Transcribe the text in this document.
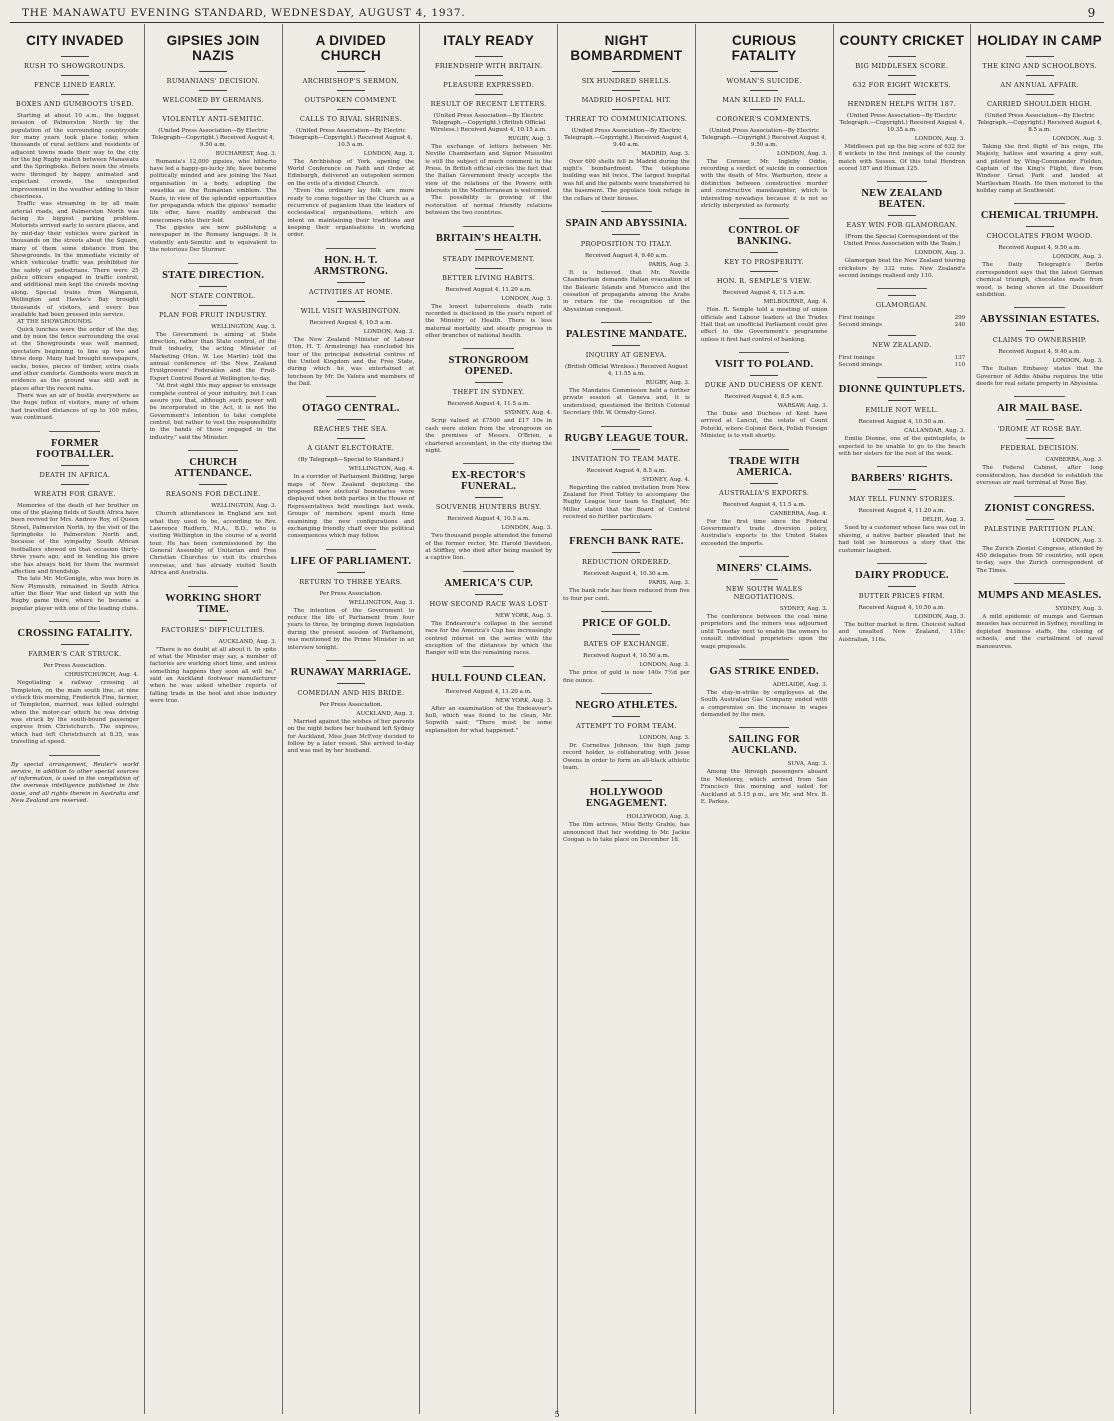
THE MANAWATU EVENING STANDARD, WEDNESDAY, AUGUST 4, 1937.	9
CITY INVADED
RUSH TO SHOWGROUNDS.
FENCE LINED EARLY.
BOXES AND GUMBOOTS USED.

Starting at about 10 a.m., the biggest invasion of Palmerston North by the population of the surrounding countryside for many years took place today, when thousands of rural settlers and residents of adjacent towns made their way to the city for the big Rugby match between Manawatu and the Springboks. Before noon the streets were thronged by happy, animated and expectant crowds, the unexpected improvement in the weather adding to their cheeriness.

Traffic was streaming in by all main arterial roads, and Palmerston North was facing its biggest parking problem. Motorists arrived early to secure places, and by mid-day their vehicles were parked in thousands on the streets about the Square, many of them some distance from the Showgrounds. In the immediate vicinity of which vehicular traffic was prohibited for the safety of pedestrians. There were 25 police officers engaged in traffic control, and additional men kept the crowds moving along. Special trains from Wanganui, Wellington and Hawke's Bay brought thousands of visitors, and every bus available had been pressed into service.

AT THE SHOWGROUNDS.

Quick lunches were the order of the day, and by noon the fence surrounding the oval at the Showgrounds was well manned, spectators beginning to line up two and three deep. Many had brought newspapers, sacks, boxes, pieces of timber, extra coats and other comforts. Gumboots were much in evidence as the ground was still soft in places after the recent rains.

There was an air of bustle everywhere as the huge influx of visitors, many of whom had travelled distances of up to 100 miles, was continued.

FORMER FOOTBALLER.
DEATH IN AFRICA.
WREATH FOR GRAVE.

Memories of the death of her brother on one of the playing fields of South Africa have been revived for Mrs. Andrew Roy, of Queen Street, Palmerston North, by the visit of the Springboks to Palmerston North and, because of the sympathy South African footballers showed on that occasion thirty-three years ago, and in tending his grave she has always held for them the warmest affection and friendship.

The late Mr. McGonigle, who was born in New Plymouth, remained in South Africa after the Boer War and linked up with the Rugby game there, where he became a popular player with one of the leading clubs.

CROSSING FATALITY.
FARMER'S CAR STRUCK.
Per Press Association.
CHRISTCHURCH, Aug. 4.

Negotiating a railway crossing at Templeton, on the main south line, at nine o'clock this morning, Frederick Fine, farmer, of Templeton, married, was killed outright when the motor-car which he was driving was struck by the south-bound passenger express from Christchurch. The express, which had left Christchurch at 8.35, was travelling at speed.

By special arrangement, Reuter's world service, in addition to other special sources of information, is used in the compilation of the overseas intelligence published in this issue, and all rights therein in Australia and New Zealand are reserved.
GIPSIES JOIN NAZIS
RUMANIANS' DECISION.
WELCOMED BY GERMANS.
VIOLENTLY ANTI-SEMITIC.
(United Press Association—By Electric Telegraph—Copyright.) Received August 4, 9.50 a.m.
BUCHAREST, Aug. 3.

Rumania's 12,000 gipsies, who hitherto have led a happy-go-lucky life, have become politically minded and are joining the Nazi organisation in a body, adopting the swastika as the Rumanian emblem. The Nazis, in view of the splendid opportunities for propaganda which the gipsies' nomadic life offer, have readily embraced the newcomers into their fold.

The gipsies are now publishing a newspaper in the Romany language. It is violently anti-Semitic and is equivalent to the notorious Der Sturmer.

STATE DIRECTION.
NOT STATE CONTROL.
PLAN FOR FRUIT INDUSTRY.
WELLINGTON, Aug. 3.

The Government is aiming at State direction, rather than State control, of the fruit industry, the acting Minister of Marketing (Hon. W. Lee Martin) told the annual conference of the New Zealand Fruitgrowers' Federation and the Fruit-Export Control Board at Wellington to-day.

"At first sight this may appear to envisage complete control of your industry, but I can assure you that, although such power will be incorporated in the Act, it is not the Government's intention to take complete control, but rather to vest the responsibility in the hands of those engaged in the industry," said the Minister.

CHURCH ATTENDANCE.
REASONS FOR DECLINE.
WELLINGTON, Aug. 3.

Church attendances in England are not what they used to be, according to Rev. Lawrence Redfern, M.A., B.D., who is visiting Wellington in the course of a world tour. He has been commissioned by the General Assembly of Unitarian and Free Christian Churches to visit its churches overseas, and has already visited South Africa and Australia.

WORKING SHORT TIME.
FACTORIES' DIFFICULTIES.
AUCKLAND, Aug. 3.

"There is no doubt at all about it. In spite of what the Minister may say, a number of factories are working short time, and unless something happens they soon all will be," said an Auckland footwear manufacturer when he was asked whether reports of falling trade in the boot and shoe industry were true.

A DIVIDED CHURCH
ARCHBISHOP'S SERMON.
OUTSPOKEN COMMENT.
CALLS TO RIVAL SHRINES.
(United Press Association—By Electric Telegraph—Copyright.) Received August 4, 10.5 a.m.
LONDON, Aug. 3.

The Archbishop of York, opening the World Conference on Faith and Order at Edinburgh, delivered an outspoken sermon on the evils of a divided Church.

"Even the ordinary lay folk are more ready to come together in the Church as a recurrence of paganism than the leaders of ecclesiastical organisations, which are intent on maintaining their traditions and keeping their organisations in working order.

HON. H. T. ARMSTRONG.
ACTIVITIES AT HOME.
WILL VISIT WASHINGTON.
Received August 4, 10.5 a.m.
LONDON, Aug. 3.

The New Zealand Minister of Labour (Hon. H. T. Armstrong) has concluded his tour of the principal industrial centres of the United Kingdom and the Free State, during which he was entertained at luncheon by Mr. De Valera and members of the Dail.

OTAGO CENTRAL.
REACHES THE SEA.
A GIANT ELECTORATE.
(By Telegraph—Special to Standard.)
WELLINGTON, Aug. 4.

In a corridor of Parliament Building, large maps of New Zealand depicting the proposed new electoral boundaries were displayed when both parties in the House of Representatives held meetings last week. Groups of members spent much time examining the new configurations and exchanging friendly chaff over the political consequences which may follow.

LIFE OF PARLIAMENT.
RETURN TO THREE YEARS.
Per Press Association.
WELLINGTON, Aug. 3.

The intention of the Government to reduce the life of Parliament from four years to three, by bringing down legislation during the present session of Parliament, was mentioned by the Prime Minister in an interview tonight.

RUNAWAY MARRIAGE.
COMEDIAN AND HIS BRIDE.
Per Press Association.
AUCKLAND, Aug. 3.

Married against the wishes of her parents on the night before her husband left Sydney for Auckland, Miss Joan McEvoy decided to follow by a later vessel. She arrived to-day and was met by her husband.

ITALY READY
FRIENDSHIP WITH BRITAIN.
PLEASURE EXPRESSED.
RESULT OF RECENT LETTERS.
(United Press Association—By Electric Telegraph.—Copyright.) (British Official Wireless.) Received August 4, 10.15 a.m.
RUGBY, Aug. 3.

The exchange of letters between Mr. Neville Chamberlain and Signor Mussolini is still the subject of much comment in the Press. In British official circles the fact that the Italian Government freely accepts the view of the relations of the Powers with interests in the Mediterranean is welcomed.

The possibility is growing of the restoration of normal friendly relations between the two countries.

BRITAIN'S HEALTH.
STEADY IMPROVEMENT.
BETTER LIVING HABITS.
Received August 4, 11.20 a.m.
LONDON, Aug. 3.

The lowest tuberculosis death rate recorded is disclosed in the year's report of the Ministry of Health. There is less maternal mortality and steady progress in other branches of national health.

STRONGROOM OPENED.
THEFT IN SYDNEY.
Received August 4, 11.5 a.m.
SYDNEY, Aug. 4.

Scrip valued at £7500 and £17 10s in cash were stolen from the strongroom on the premises of Messrs. O'Brien, a chartered accountant, in the city during the night.

EX-RECTOR'S FUNERAL.
SOUVENIR HUNTERS BUSY.
Received August 4, 10.5 a.m.
LONDON, Aug. 3.

Two thousand people attended the funeral of the former rector, Mr. Harold Davidson, at Stiffkey, who died after being mauled by a captive lion.

AMERICA'S CUP.
HOW SECOND RACE WAS LOST
NEW YORK, Aug. 3.

The Endeavour's collapse in the second race for the America's Cup has increasingly centred interest on the series with the exception of the distances by which the Ranger will win the remaining races.

HULL FOUND CLEAN.
Received August 4, 11.20 a.m.
NEW YORK, Aug. 3.

After an examination of the Endeavour's hull, which was found to be clean, Mr. Sopwith said: "There must be some explanation for what happened."

NIGHT BOMBARDMENT
SIX HUNDRED SHELLS.
MADRID HOSPITAL HIT.
THREAT TO COMMUNICATIONS.
(United Press Association—By Electric Telegraph.—Copyright.) Received August 4, 9.40 a.m.
MADRID, Aug. 3.

Over 600 shells fell in Madrid during the night's bombardment. The telephone building was hit twice. The largest hospital was hit and the patients were transferred to the basement. The populace took refuge in the cellars of their houses.

SPAIN AND ABYSSINIA.
PROPOSITION TO ITALY.
Received August 4, 9.40 a.m.
PARIS, Aug. 3.

It is believed that Mr. Neville Chamberlain demands Italian evacuation of the Balearic Islands and Morocco and the cessation of propaganda among the Arabs in return for the recognition of the Abyssinian conquest.

PALESTINE MANDATE.
INQUIRY AT GENEVA.
(British Official Wireless.) Received August 4, 11.55 a.m.
RUGBY, Aug. 3.

The Mandates Commission held a further private session at Geneva and, it is understood, questioned the British Colonial Secretary (Mr. W. Ormsby-Gore).

RUGBY LEAGUE TOUR.
INVITATION TO TEAM MATE.
Received August 4, 8.5 a.m.
SYDNEY, Aug. 4.

Regarding the cabled invitation from New Zealand for Fred Tottey to accompany the Rugby League tour team to England, Mr. Miller stated that the Board of Control received no further particulars.

FRENCH BANK RATE.
REDUCTION ORDERED.
Received August 4, 10.30 a.m.
PARIS, Aug. 3.

The bank rate has been reduced from five to four per cent.

PRICE OF GOLD.
RATES OF EXCHANGE.
Received August 4, 10.50 a.m.
LONDON, Aug. 3.

The price of gold is now 140s 7½d per fine ounce.

NEGRO ATHLETES.
ATTEMPT TO FORM TEAM.
LONDON, Aug. 3.

Dr. Cornelius Johnson, the high jump record holder, is collaborating with Jesse Owens in order to form an all-black athletic team.

HOLLYWOOD ENGAGEMENT.
HOLLYWOOD, Aug. 3.

The film actress, Miss Betty Grable, has announced that her wedding to Mr. Jackie Coogan is to take place on December 18.

CURIOUS FATALITY
WOMAN'S SUICIDE.
MAN KILLED IN FALL.
CORONER'S COMMENTS.
(United Press Association—By Electric Telegraph.—Copyright.) Received August 4, 9.50 a.m.
LONDON, Aug. 3.

The Coroner, Mr. Ingleby Oddie, recording a verdict of suicide in connection with the death of Mrs. Warburton, drew a distinction between constructive murder and constructive manslaughter, which is interesting nowadays because it is not so strictly interpreted as formerly.

CONTROL OF BANKING.
KEY TO PROSPERITY.
HON. R. SEMPLE'S VIEW.
Received August 4, 11.5 a.m.
MELBOURNE, Aug. 4.

Hon. R. Semple told a meeting of union officials and Labour leaders at the Trades Hall that an unofficial Parliament could give effect to the Government's programme unless it first had control of banking.

VISIT TO POLAND.
DUKE AND DUCHESS OF KENT.
Received August 4, 8.5 a.m.
WARSAW, Aug. 3.

The Duke and Duchess of Kent have arrived at Lancut, the estate of Count Potocki, where Colonel Beck, Polish Foreign Minister, is to visit shortly.

TRADE WITH AMERICA.
AUSTRALIA'S EXPORTS.
Received August 4, 11.5 a.m.
CANBERRA, Aug. 4.

For the first time since the Federal Government's trade diversion policy, Australia's exports to the United States exceeded the imports.

MINERS' CLAIMS.
NEW SOUTH WALES NEGOTIATIONS.
SYDNEY, Aug. 3.

The conference between the coal mine proprietors and the miners was adjourned until Tuesday next to enable the owners to consult individual proprietors upon the wage proposals.

GAS STRIKE ENDED.
ADELAIDE, Aug. 3.

The stay-in-strike by employees at the South Australian Gas Company ended with a compromise on the increase in wages demanded by the men.

SAILING FOR AUCKLAND.
SUVA, Aug. 3.

Among the through passengers aboard the Monterey, which arrived from San Francisco this morning and sailed for Auckland at 5.15 p.m., are Mr. and Mrs. B. E. Parkes.

COUNTY CRICKET
BIG MIDDLESEX SCORE.
632 FOR EIGHT WICKETS.
HENDREN HELPS WITH 187.
(United Press Association—By Electric Telegraph.—Copyright.) Received August 4, 10.35 a.m.
LONDON, Aug. 3.

Middlesex put up the big score of 632 for 8 wickets in the first innings of the county match with Sussex. Of this total Hendren scored 187 and Human 125.

NEW ZEALAND BEATEN.
EASY WIN FOR GLAMORGAN.
(From the Special Correspondent of the United Press Association with the Team.)
LONDON, Aug. 3.

Glamorgan beat the New Zealand touring cricketers by 332 runs. New Zealand's second innings realised only 110.

GLAMORGAN.
First innings	299
Second innings	240
NEW ZEALAND.
First innings	137
Second innings	110
DIONNE QUINTUPLETS.
EMILIE NOT WELL.
Received August 4, 10.50 a.m.
CALLANDAR, Aug. 3.

Emilie Dionne, one of the quintuplets, is expected to be unable to go to the beach with her sisters for the rest of the week.

BARBERS' RIGHTS.
MAY TELL FUNNY STORIES.
Received August 4, 11.20 a.m.
DELHI, Aug. 3.

Sued by a customer whose face was cut in shaving, a native barber pleaded that he had told so humorous a story that the customer laughed.

DAIRY PRODUCE.
BUTTER PRICES FIRM.
Received August 4, 10.50 a.m.
LONDON, Aug. 3.

The butter market is firm. Choicest salted and unsalted New Zealand, 118s; Australian, 116s.

HOLIDAY IN CAMP
THE KING AND SCHOOLBOYS.
AN ANNUAL AFFAIR.
CARRIED SHOULDER HIGH.
(United Press Association—By Electric Telegraph.—Copyright.) Received August 4, 8.5 a.m.
LONDON, Aug. 3.

Taking the first flight of his reign, His Majesty, hatless and wearing a grey suit, and piloted by Wing-Commander Fielden, Captain of the King's Flight, flew from Windsor Great Park and landed at Martlesham Heath. He then motored to the holiday camp at Southwold.

CHEMICAL TRIUMPH.
CHOCOLATES FROM WOOD.
Received August 4, 9.50 a.m.
LONDON, Aug. 3.

The Daily Telegraph's Berlin correspondent says that the latest German chemical triumph, chocolates made from wood, is being shown at the Dusseldorf exhibition.

ABYSSINIAN ESTATES.
CLAIMS TO OWNERSHIP.
Received August 4, 9.40 a.m.
LONDON, Aug. 3.

The Italian Embassy states that the Governor of Addis Ababa requires the title deeds for real estate property in Abyssinia.

AIR MAIL BASE.
'DROME AT ROSE BAY.
FEDERAL DECISION.
CANBERRA, Aug. 3.

The Federal Cabinet, after long consideration, has decided to establish the overseas air mail terminal at Rose Bay.

ZIONIST CONGRESS.
PALESTINE PARTITION PLAN.
LONDON, Aug. 3.

The Zurich Zionist Congress, attended by 450 delegates from 50 countries, will open to-day, says the Zurich correspondent of The Times.

MUMPS AND MEASLES.
SYDNEY, Aug. 3.

A mild epidemic of mumps and German measles has occurred in Sydney, resulting in depleted business staffs, the closing of schools, and the curtailment of naval manoeuvres.

5
